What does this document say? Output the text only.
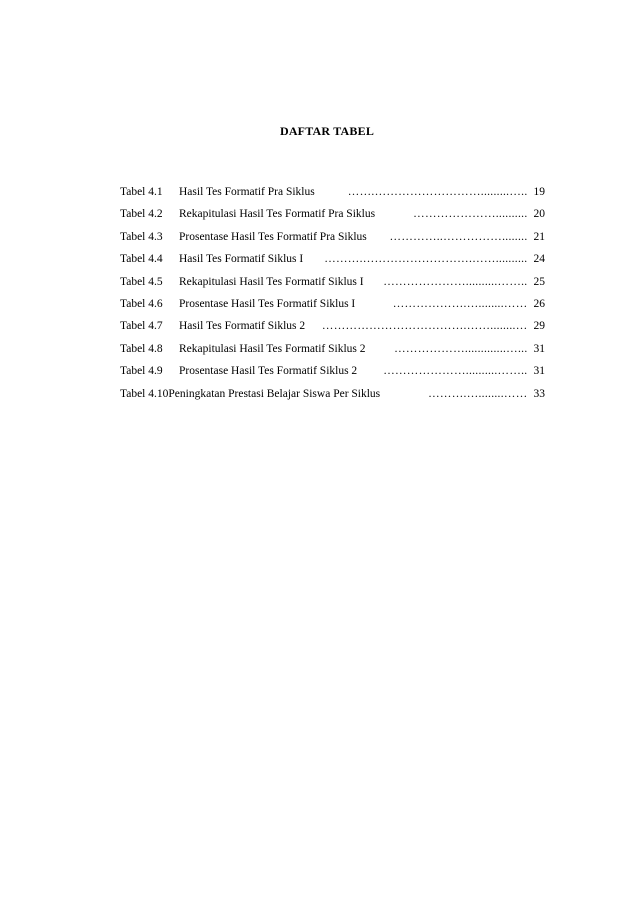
DAFTAR TABEL
Tabel 4.1 Hasil Tes Formatif Pra Siklus	…….……………………….........….. 19
Tabel 4.2 Rekapitulasi Hasil Tes Formatif Pra Siklus	………………….......... 20
Tabel 4.3 Prosentase Hasil Tes Formatif Pra Siklus	…………..……………........ 21
Tabel 4.4 Hasil Tes Formatif Siklus I	……….……………………….…….......... 24
Tabel 4.5 Rekapitulasi Hasil Tes Formatif Siklus I	…………………..........…….. 25
Tabel 4.6 Prosentase Hasil Tes Formatif Siklus I	……………….…........…… 26
Tabel 4.7 Hasil Tes Formatif Siklus 2	……………………………….……........… 29
Tabel 4.8 Rekapitulasi Hasil Tes Formatif Siklus 2	……………….............…... 31
Tabel 4.9 Prosentase Hasil Tes Formatif Siklus 2	…………………..........…….. 31
Tabel 4.10Peningkatan Prestasi Belajar Siswa Per Siklus	……….…........…… 33
